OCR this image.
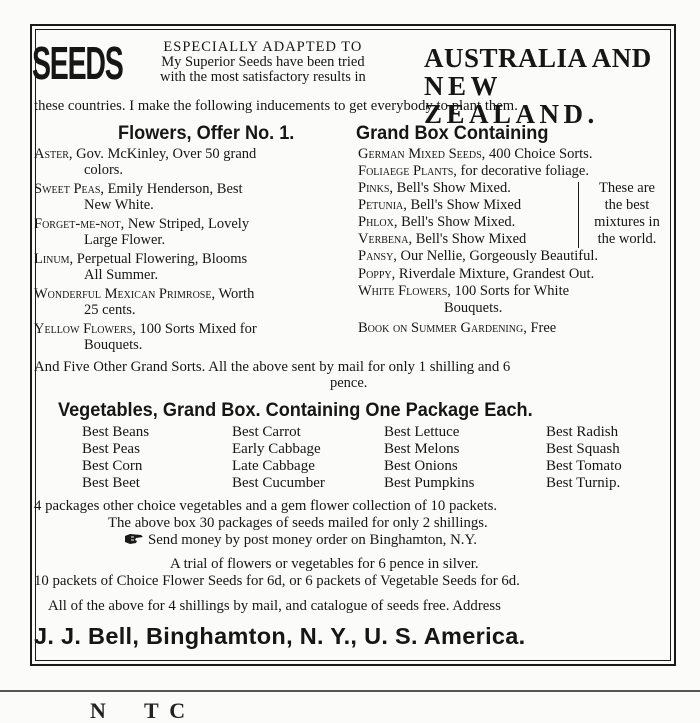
SEEDS	ESPECIALLY ADAPTED TO
My Superior Seeds have been tried
with the most satisfactory results in
AUSTRALIA AND
NEW ZEALAND.
these countries. I make the following inducements to get everybody to plant them.
Flowers, Offer No. 1.
Aster, Gov. McKinley, Over 50 grand
colors.
Sweet Peas, Emily Henderson, Best
New White.
Forget-me-not, New Striped, Lovely
Large Flower.
Linum, Perpetual Flowering, Blooms
All Summer.
Wonderful Mexican Primrose, Worth
25 cents.
Yellow Flowers, 100 Sorts Mixed for
Bouquets.
Grand Box Containing
German Mixed Seeds, 400 Choice Sorts.
Foliaege Plants, for decorative foliage.
Pinks, Bell's Show Mixed.
Petunia, Bell's Show Mixed
Phlox, Bell's Show Mixed.
Verbena, Bell's Show Mixed
These are
the best
mixtures in
the world.
Pansy, Our Nellie, Gorgeously Beautiful.
Poppy, Riverdale Mixture, Grandest Out.
White Flowers, 100 Sorts for White
Bouquets.
Book on Summer Gardening, Free
And Five Other Grand Sorts. All the above sent by mail for only 1 shilling and 6
pence.
Vegetables, Grand Box. Containing One Package Each.
Best Beans
Best Peas
Best Corn
Best Beet
Best Carrot
Early Cabbage
Late Cabbage
Best Cucumber
Best Lettuce
Best Melons
Best Onions
Best Pumpkins
Best Radish
Best Squash
Best Tomato
Best Turnip.
4 packages other choice vegetables and a gem flower collection of 10 packets.
The above box 30 packages of seeds mailed for only 2 shillings.
Send money by post money order on Binghamton, N.Y.
A trial of flowers or vegetables for 6 pence in silver.
10 packets of Choice Flower Seeds for 6d, or 6 packets of Vegetable Seeds for 6d.
All of the above for 4 shillings by mail, and catalogue of seeds free. Address
J. J. Bell, Binghamton, N. Y., U. S. America.
N       T  C
